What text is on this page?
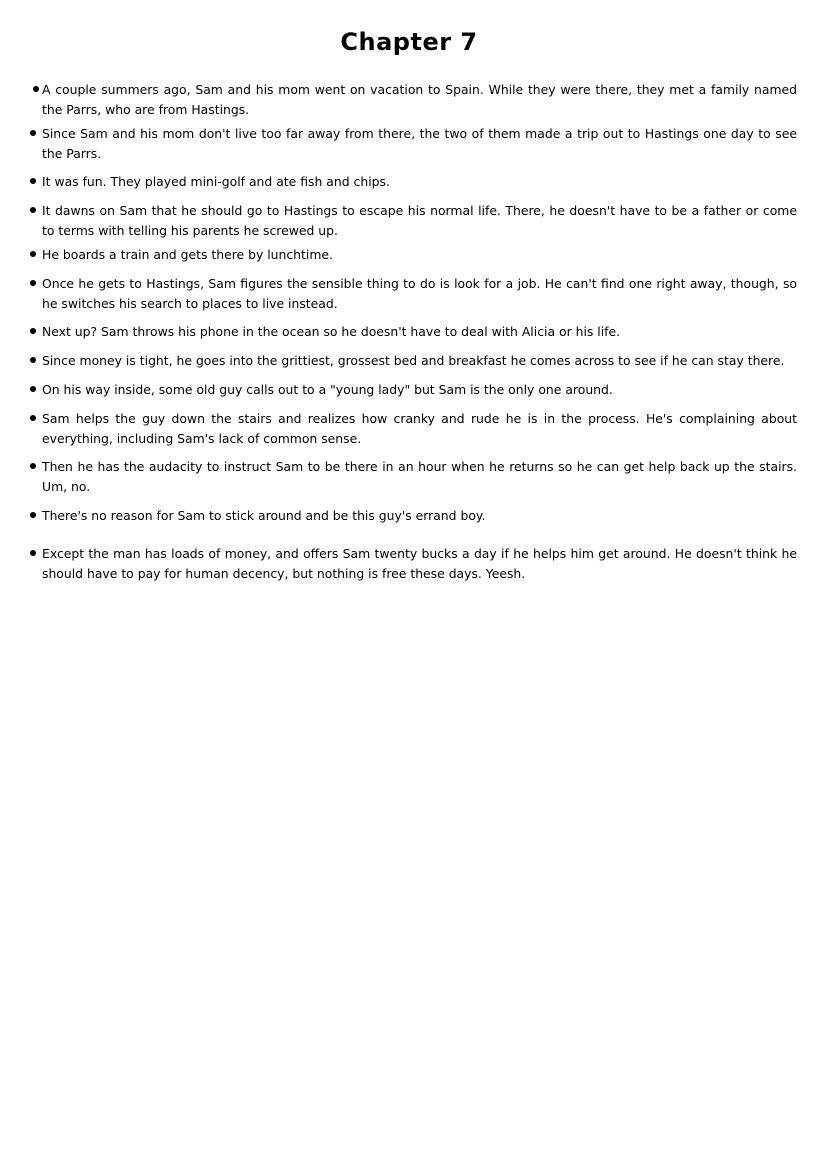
Chapter 7
A couple summers ago, Sam and his mom went on vacation to Spain. While they were there, they met a family named the Parrs, who are from Hastings.
Since Sam and his mom don't live too far away from there, the two of them made a trip out to Hastings one day to see the Parrs.
It was fun. They played mini-golf and ate fish and chips.
It dawns on Sam that he should go to Hastings to escape his normal life. There, he doesn't have to be a father or come to terms with telling his parents he screwed up.
He boards a train and gets there by lunchtime.
Once he gets to Hastings, Sam figures the sensible thing to do is look for a job. He can't find one right away, though, so he switches his search to places to live instead.
Next up? Sam throws his phone in the ocean so he doesn't have to deal with Alicia or his life.
Since money is tight, he goes into the grittiest, grossest bed and breakfast he comes across to see if he can stay there.
On his way inside, some old guy calls out to a "young lady" but Sam is the only one around.
Sam helps the guy down the stairs and realizes how cranky and rude he is in the process. He's complaining about everything, including Sam's lack of common sense.
Then he has the audacity to instruct Sam to be there in an hour when he returns so he can get help back up the stairs. Um, no.
There's no reason for Sam to stick around and be this guy's errand boy.
Except the man has loads of money, and offers Sam twenty bucks a day if he helps him get around. He doesn't think he should have to pay for human decency, but nothing is free these days. Yeesh.
